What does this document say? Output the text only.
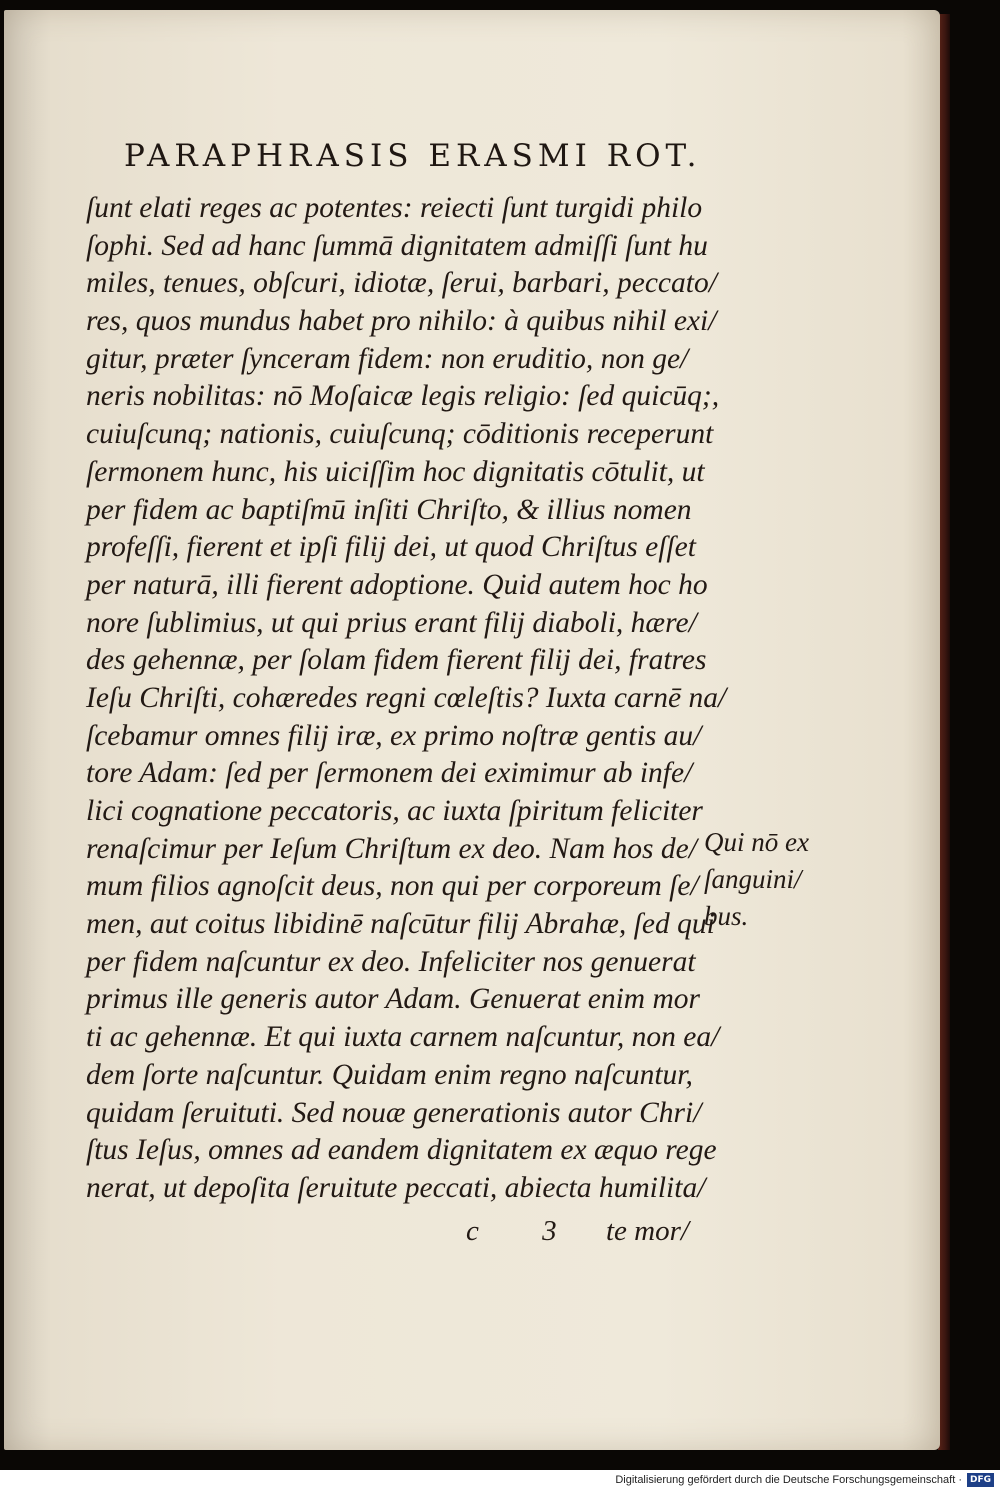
PARAPHRASIS ERASMI ROT.
ſunt elati reges ac potentes: reiecti ſunt turgidi philo
ſophi. Sed ad hanc ſummā dignitatem admiſſi ſunt hu
miles, tenues, obſcuri, idiotæ, ſerui, barbari, peccato/
res, quos mundus habet pro nihilo: à quibus nihil exi/
gitur, præter ſynceram fidem: non eruditio, non ge/
neris nobilitas: nō Moſaicæ legis religio: ſed quicūq;,
cuiuſcunq; nationis, cuiuſcunq; cōditionis receperunt
ſermonem hunc, his uiciſſim hoc dignitatis cōtulit, ut
per fidem ac baptiſmū inſiti Chriſto, & illius nomen
profeſſi, fierent et ipſi filij dei, ut quod Chriſtus eſſet
per naturā, illi fierent adoptione. Quid autem hoc ho
nore ſublimius, ut qui prius erant filij diaboli, hære/
des gehennæ, per ſolam fidem fierent filij dei, fratres
Ieſu Chriſti, cohæredes regni cœleſtis? Iuxta carnē na/
ſcebamur omnes filij iræ, ex primo noſtræ gentis au/
tore Adam: ſed per ſermonem dei eximimur ab infe/
lici cognatione peccatoris, ac iuxta ſpiritum feliciter
renaſcimur per Ieſum Chriſtum ex deo. Nam hos de/
mum filios agnoſcit deus, non qui per corporeum ſe/
men, aut coitus libidinē naſcūtur filij Abrahæ, ſed qui
per fidem naſcuntur ex deo. Infeliciter nos genuerat
primus ille generis autor Adam. Genuerat enim mor
ti ac gehennæ. Et qui iuxta carnem naſcuntur, non ea/
dem ſorte naſcuntur. Quidam enim regno naſcuntur,
quidam ſeruituti. Sed nouæ generationis autor Chri/
ſtus Ieſus, omnes ad eandem dignitatem ex æquo rege
nerat, ut depoſita ſeruitute peccati, abiecta humilita/
Qui nō ex
ſanguini/
bus.
c 3 te mor/
Digitalisierung gefördert durch die Deutsche Forschungsgemeinschaft · DFG
